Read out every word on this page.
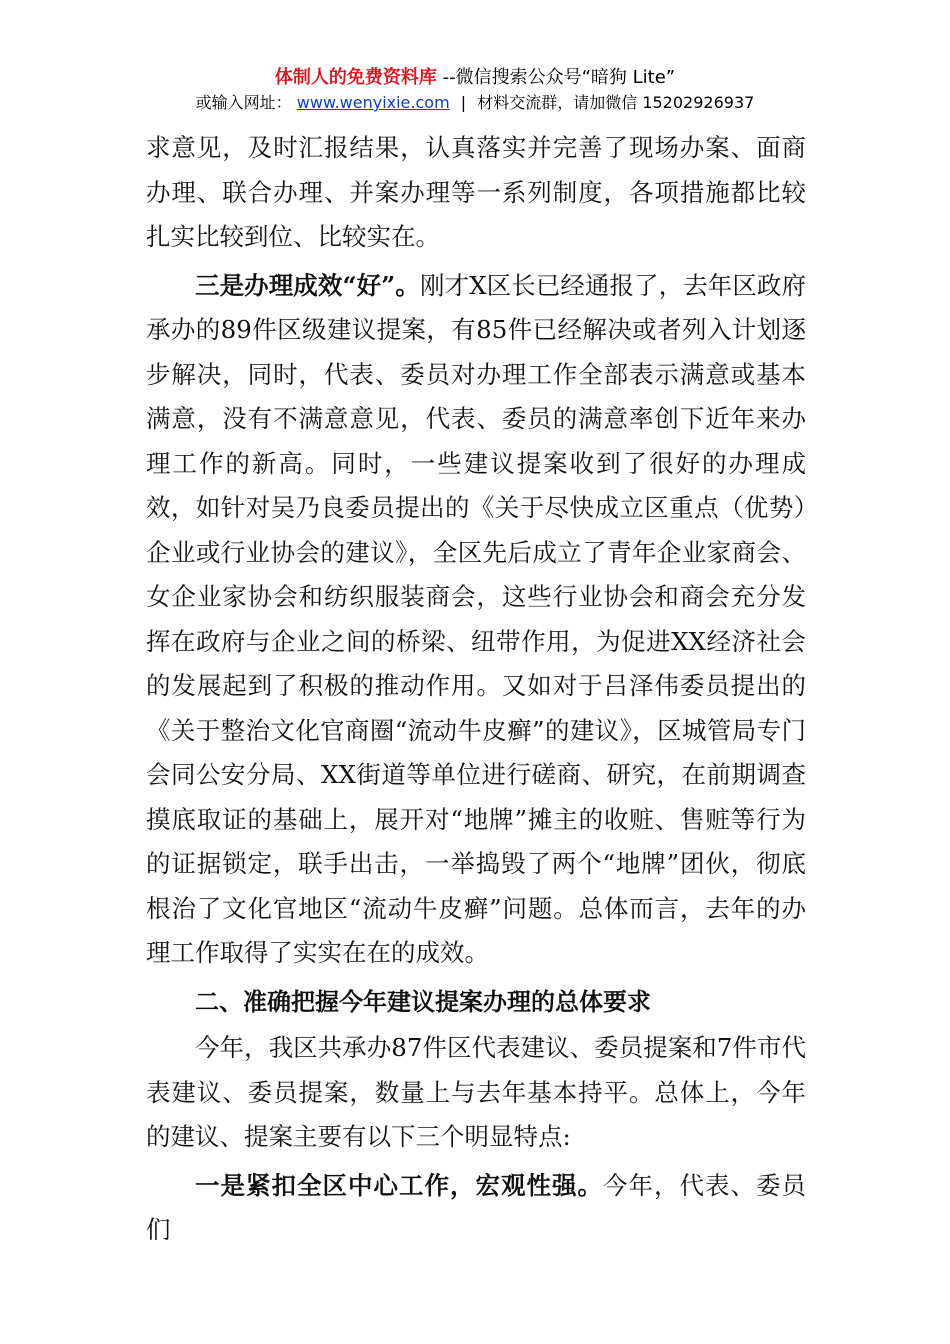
体制人的免费资料库 --微信搜索公众号“暗狗 Lite”
或输入网址： www.wenyixie.com | 材料交流群，请加微信 15202926937

求意见，及时汇报结果，认真落实并完善了现场办案、面商办理、联合办理、并案办理等一系列制度，各项措施都比较扎实比较到位、比较实在。

三是办理成效“好”。刚才X区长已经通报了，去年区政府承办的89件区级建议提案，有85件已经解决或者列入计划逐步解决，同时，代表、委员对办理工作全部表示满意或基本满意，没有不满意意见，代表、委员的满意率创下近年来办理工作的新高。同时，一些建议提案收到了很好的办理成效，如针对吴乃良委员提出的《关于尽快成立区重点（优势）企业或行业协会的建议》，全区先后成立了青年企业家商会、女企业家协会和纺织服装商会，这些行业协会和商会充分发挥在政府与企业之间的桥梁、纽带作用，为促进XX经济社会的发展起到了积极的推动作用。又如对于吕泽伟委员提出的《关于整治文化官商圈“流动牛皮癣”的建议》，区城管局专门会同公安分局、XX街道等单位进行磋商、研究，在前期调查摸底取证的基础上，展开对“地牌”摊主的收赃、售赃等行为的证据锁定，联手出击，一举捣毁了两个“地牌”团伙，彻底根治了文化官地区“流动牛皮癣”问题。总体而言，去年的办理工作取得了实实在在的成效。

二、准确把握今年建议提案办理的总体要求

今年，我区共承办87件区代表建议、委员提案和7件市代表建议、委员提案，数量上与去年基本持平。总体上，今年的建议、提案主要有以下三个明显特点:

一是紧扣全区中心工作，宏观性强。今年，代表、委员们
